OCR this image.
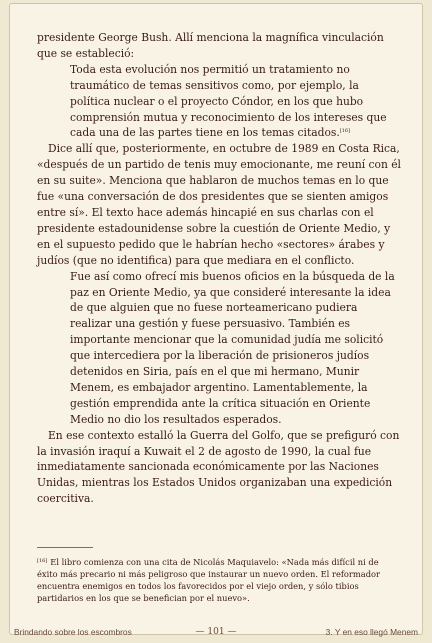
presidente George Bush. Allí menciona la magnífica vinculación que se estableció:

Toda esta evolución nos permitió un tratamiento no traumático de temas sensitivos como, por ejemplo, la política nuclear o el proyecto Cóndor, en los que hubo comprensión mutua y reconocimiento de los intereses que cada una de las partes tiene en los temas citados.[16]

Dice allí que, posteriormente, en octubre de 1989 en Costa Rica, «después de un partido de tenis muy emocionante, me reuní con él en su suite». Menciona que hablaron de muchos temas en lo que fue «una conversación de dos presidentes que se sienten amigos entre sí». El texto hace además hincapié en sus charlas con el presidente estadounidense sobre la cuestión de Oriente Medio, y en el supuesto pedido que le habrían hecho «sectores» árabes y judíos (que no identifica) para que mediara en el conflicto.

Fue así como ofrecí mis buenos oficios en la búsqueda de la paz en Oriente Medio, ya que consideré interesante la idea de que alguien que no fuese norteamericano pudiera realizar una gestión y fuese persuasivo. También es importante mencionar que la comunidad judía me solicitó que intercediera por la liberación de prisioneros judíos detenidos en Siria, país en el que mi hermano, Munir Menem, es embajador argentino. Lamentablemente, la gestión emprendida ante la crítica situación en Oriente Medio no dio los resultados esperados.

En ese contexto estalló la Guerra del Golfo, que se prefiguró con la invasión iraquí a Kuwait el 2 de agosto de 1990, la cual fue inmediatamente sancionada económicamente por las Naciones Unidas, mientras los Estados Unidos organizaban una expedición coercitiva.

[16] El libro comienza con una cita de Nicolás Maquiavelo: «Nada más difícil ni de éxito más precario ni más peligroso que instaurar un nuevo orden. El reformador encuentra enemigos en todos los favorecidos por el viejo orden, y sólo tibios partidarios en los que se benefician por el nuevo».
Brindando sobre los escombros	— 101 —	3. Y en eso llegó Menem
